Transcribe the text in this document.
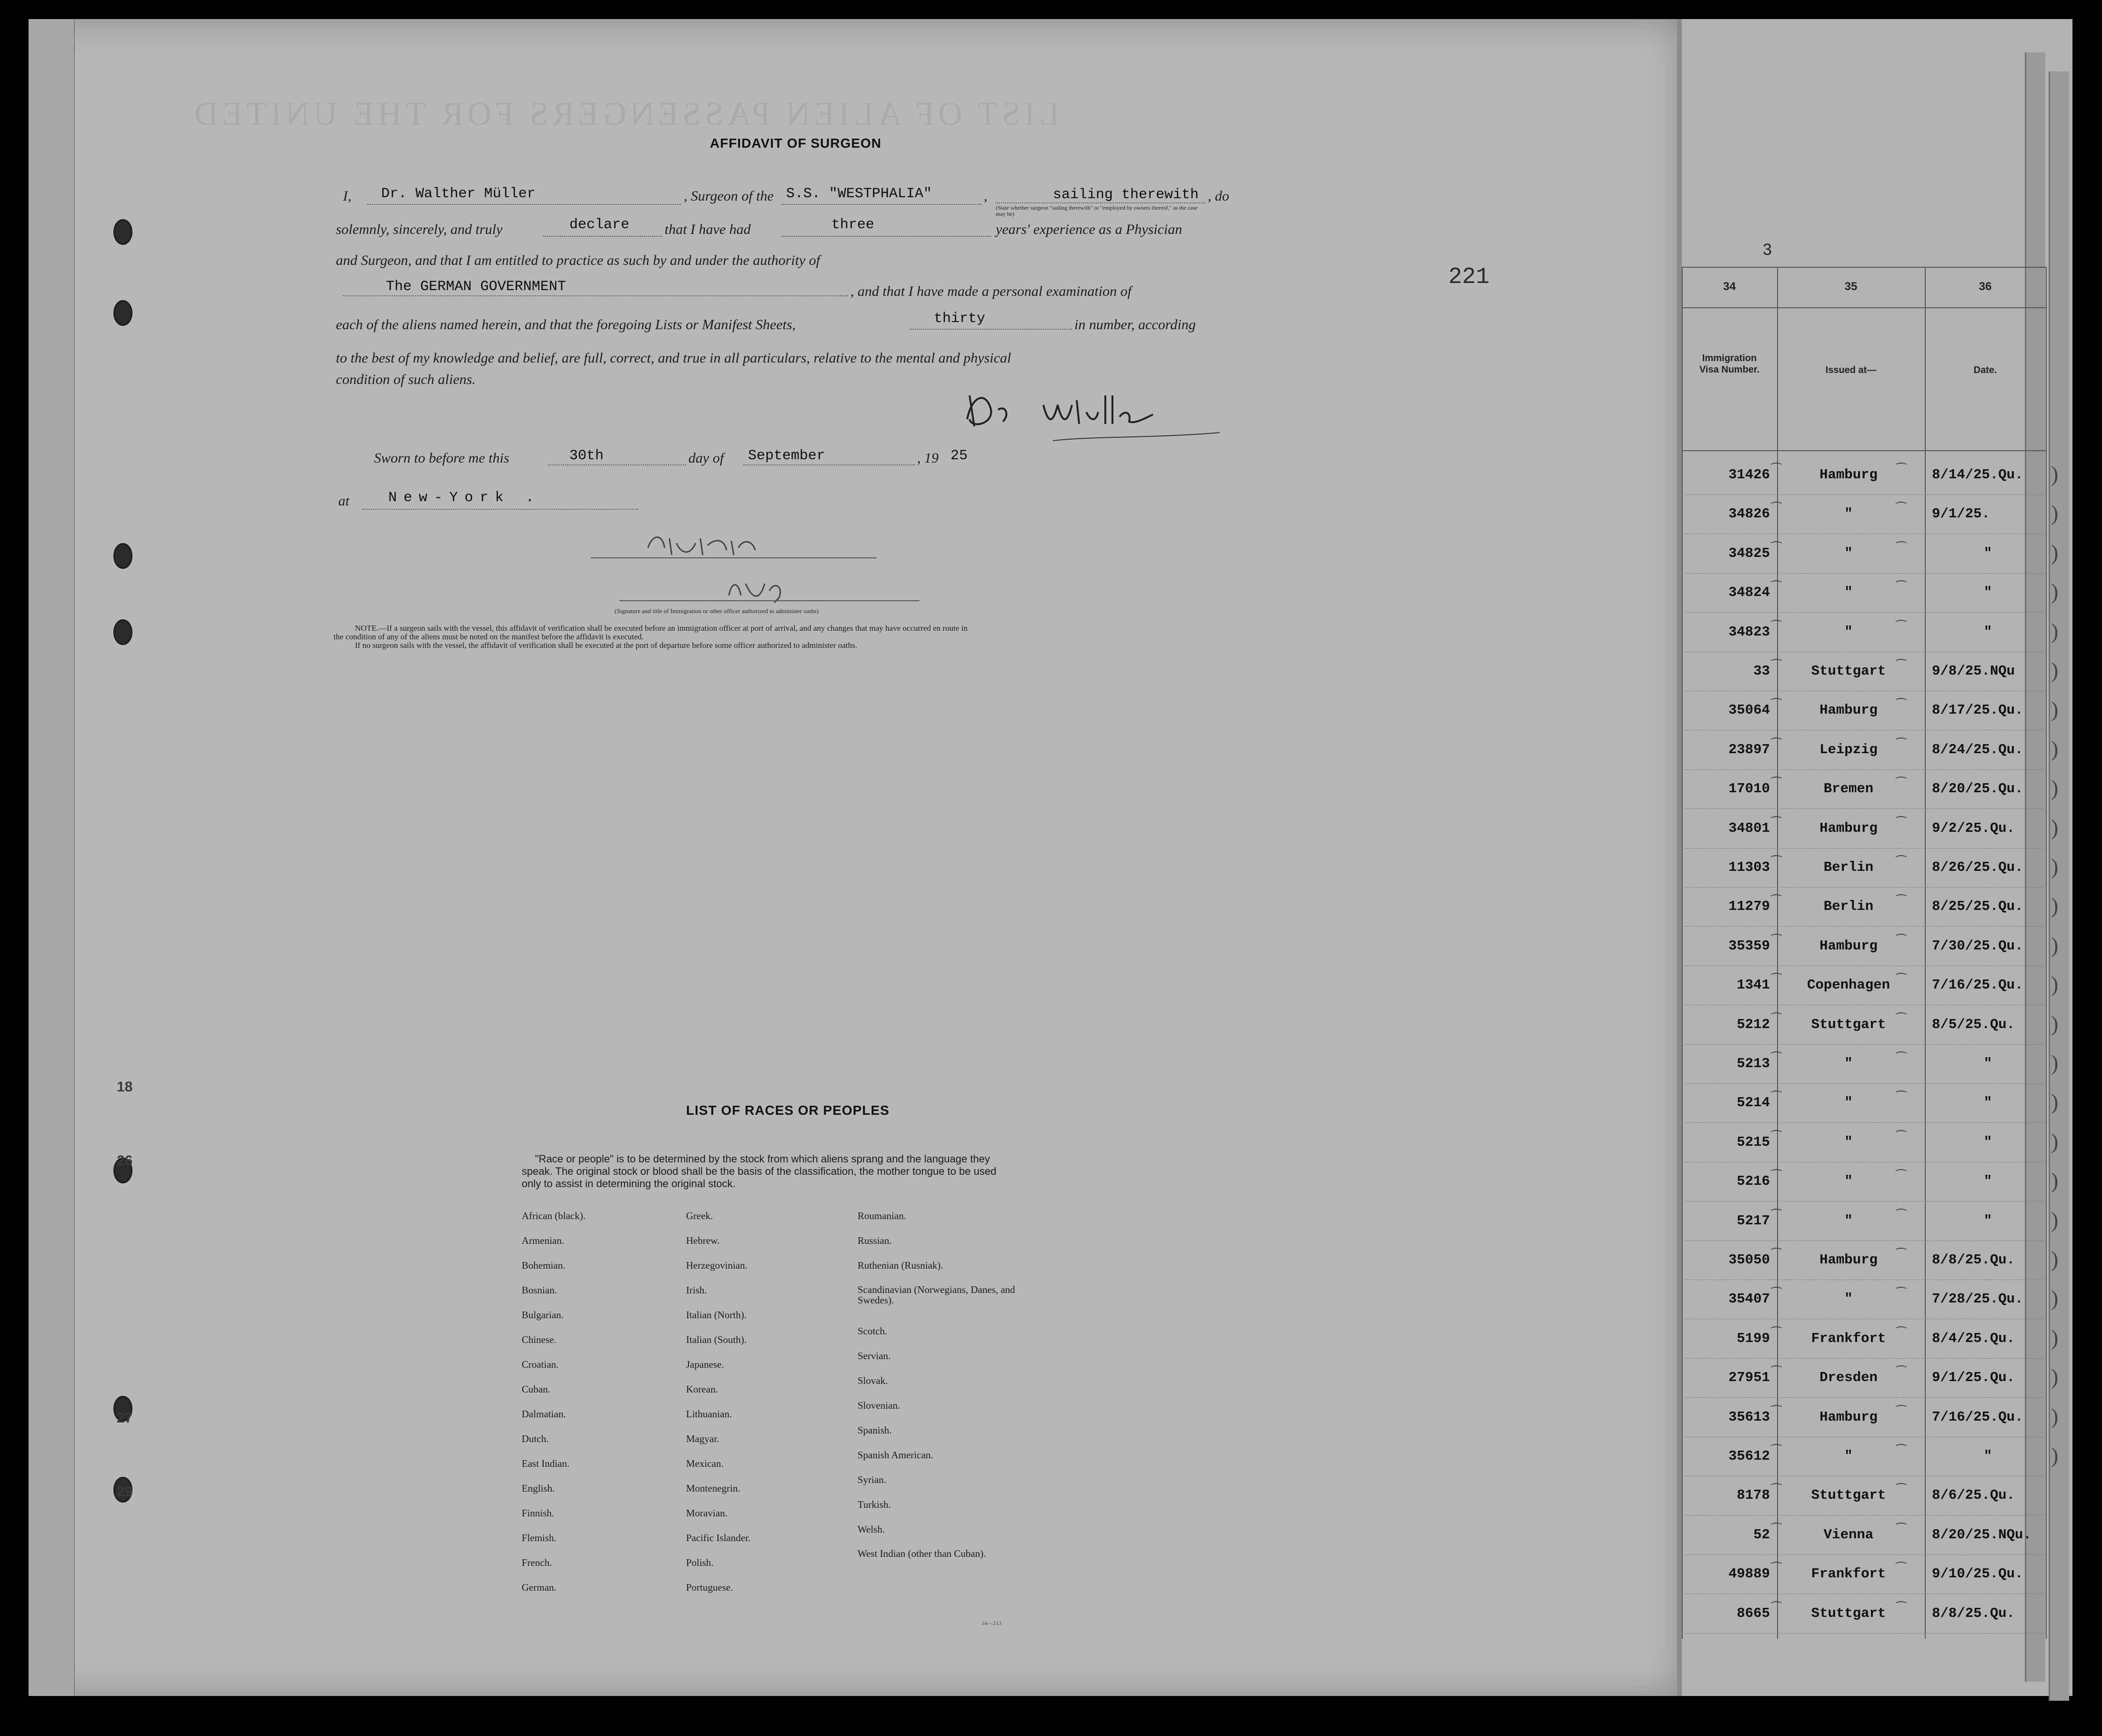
LIST OF ALIEN PASSENGERS FOR THE UNITED
18
26
27
29
AFFIDAVIT OF SURGEON
I, Dr. Walther Müller	, Surgeon of the S.S. "WESTPHALIA"	,	sailing therewith , do
(State whether surgeon "sailing therewith" or "employed by owners thereof," as the case may be)
solemnly, sincerely, and truly	declare that I have had	three	years' experience as a Physician
and Surgeon, and that I am entitled to practice as such by and under the authority of
The GERMAN GOVERNMENT	, and that I have made a personal examination of
each of the aliens named herein, and that the foregoing Lists or Manifest Sheets,	thirty	in number, according
to the best of my knowledge and belief, are full, correct, and true in all particulars, relative to the mental and physical
condition of such aliens.
Sworn to before me this	30th	day of September	, 19 25
at	New-York .
(Signature and title of Immigration or other officer authorized to administer oaths)
NOTE.—If a surgeon sails with the vessel, this affidavit of verification shall be executed before an immigration officer at port of arrival, and any changes that may have occurred en route in
the condition of any of the aliens must be noted on the manifest before the affidavit is executed.
If no surgeon sails with the vessel, the affidavit of verification shall be executed at the port of departure before some officer authorized to administer oaths.
221
LIST OF RACES OR PEOPLES
"Race or people" is to be determined by the stock from which aliens sprang and the language they speak. The original stock or blood shall be the basis of the classification, the mother tongue to be used only to assist in determining the original stock.
African (black).
Armenian.
Bohemian.
Bosnian.
Bulgarian.
Chinese.
Croatian.
Cuban.
Dalmatian.
Dutch.
East Indian.
English.
Finnish.
Flemish.
French.
German.
Greek.
Hebrew.
Herzegovinian.
Irish.
Italian (North).
Italian (South).
Japanese.
Korean.
Lithuanian.
Magyar.
Mexican.
Montenegrin.
Moravian.
Pacific Islander.
Polish.
Portuguese.
Roumanian.
Russian.
Ruthenian (Rusniak).
Scandinavian (Norwegians, Danes, and Swedes).
Scotch.
Servian.
Slovak.
Slovenian.
Spanish.
Spanish American.
Syrian.
Turkish.
Welsh.
West Indian (other than Cuban).
14—213
3
34	35	36
Immigration Visa Number.	Issued at—	Date.
31426	Hamburg	8/14/25.Qu.
⁀	⁀	)
34826	"	9/1/25.
⁀	⁀	)
34825	"	"
⁀	⁀	)
34824	"	"
⁀	⁀	)
34823	"	"
⁀	⁀	)
33	Stuttgart	9/8/25.NQu
⁀	⁀	)
35064	Hamburg	8/17/25.Qu.
⁀	⁀	)
23897	Leipzig	8/24/25.Qu.
⁀	⁀	)
17010	Bremen	8/20/25.Qu.
⁀	⁀	)
34801	Hamburg	9/2/25.Qu.
⁀	⁀	)
11303	Berlin	8/26/25.Qu.
⁀	⁀	)
11279	Berlin	8/25/25.Qu.
⁀	⁀	)
35359	Hamburg	7/30/25.Qu.
⁀	⁀	)
1341	Copenhagen	7/16/25.Qu.
⁀	⁀	)
5212	Stuttgart	8/5/25.Qu.
⁀	⁀	)
5213	"	"
⁀	⁀	)
5214	"	"
⁀	⁀	)
5215	"	"
⁀	⁀	)
5216	"	"
⁀	⁀	)
5217	"	"
⁀	⁀	)
35050	Hamburg	8/8/25.Qu.
⁀	⁀	)
35407	"	7/28/25.Qu.
⁀	⁀	)
5199	Frankfort	8/4/25.Qu.
⁀	⁀	)
27951	Dresden	9/1/25.Qu.
⁀	⁀	)
35613	Hamburg	7/16/25.Qu.
⁀	⁀	)
35612	"	"
⁀	⁀	)
8178	Stuttgart	8/6/25.Qu.
⁀	⁀
52	Vienna	8/20/25.NQu.
⁀	⁀
49889	Frankfort	9/10/25.Qu.
⁀	⁀
8665	Stuttgart	8/8/25.Qu.
⁀	⁀
